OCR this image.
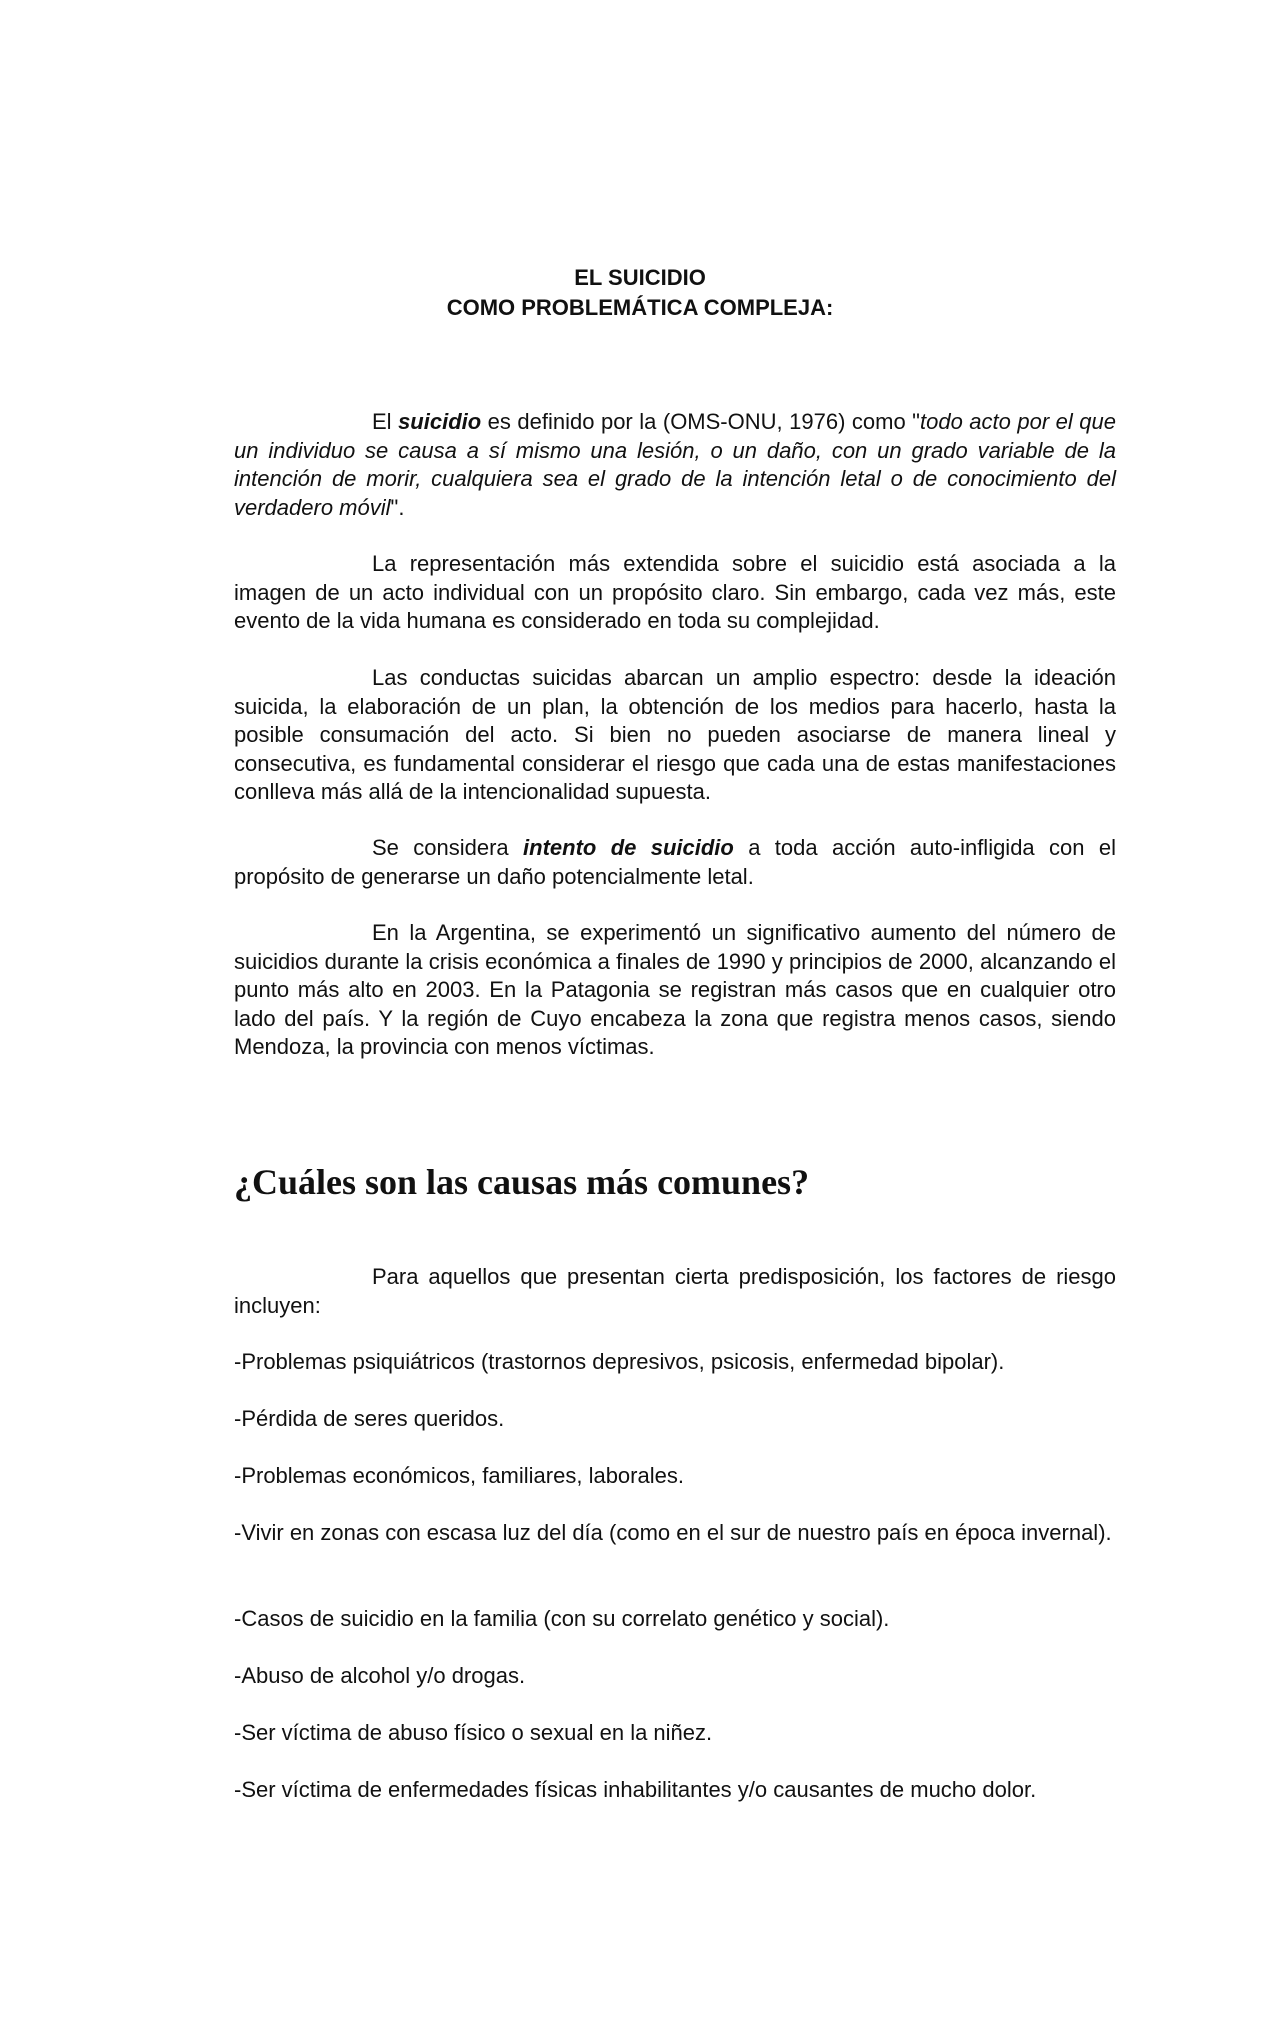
EL SUICIDIO
COMO PROBLEMÁTICA COMPLEJA:

El suicidio es definido por la (OMS-ONU, 1976) como "todo acto por el que un individuo se causa a sí mismo una lesión, o un daño, con un grado variable de la intención de morir, cualquiera sea el grado de la intención letal o de conocimiento del verdadero móvil".

La representación más extendida sobre el suicidio está asociada a la imagen de un acto individual con un propósito claro. Sin embargo, cada vez más, este evento de la vida humana es considerado en toda su complejidad.

Las conductas suicidas abarcan un amplio espectro: desde la ideación suicida, la elaboración de un plan, la obtención de los medios para hacerlo, hasta la posible consumación del acto. Si bien no pueden asociarse de manera lineal y consecutiva, es fundamental considerar el riesgo que cada una de estas manifestaciones conlleva más allá de la intencionalidad supuesta.

Se considera intento de suicidio a toda acción auto-infligida con el propósito de generarse un daño potencialmente letal.

En la Argentina, se experimentó un significativo aumento del número de suicidios durante la crisis económica a finales de 1990 y principios de 2000, alcanzando el punto más alto en 2003. En la Patagonia se registran más casos que en cualquier otro lado del país. Y la región de Cuyo encabeza la zona que registra menos casos, siendo Mendoza, la provincia con menos víctimas.

¿Cuáles son las causas más comunes?

Para aquellos que presentan cierta predisposición, los factores de riesgo incluyen:

-Problemas psiquiátricos (trastornos depresivos, psicosis, enfermedad bipolar).

-Pérdida de seres queridos.

-Problemas económicos, familiares, laborales.

-Vivir en zonas con escasa luz del día (como en el sur de nuestro país en época invernal).

-Casos de suicidio en la familia (con su correlato genético y social).

-Abuso de alcohol y/o drogas.

-Ser víctima de abuso físico o sexual en la niñez.

-Ser víctima de enfermedades físicas inhabilitantes y/o causantes de mucho dolor.
